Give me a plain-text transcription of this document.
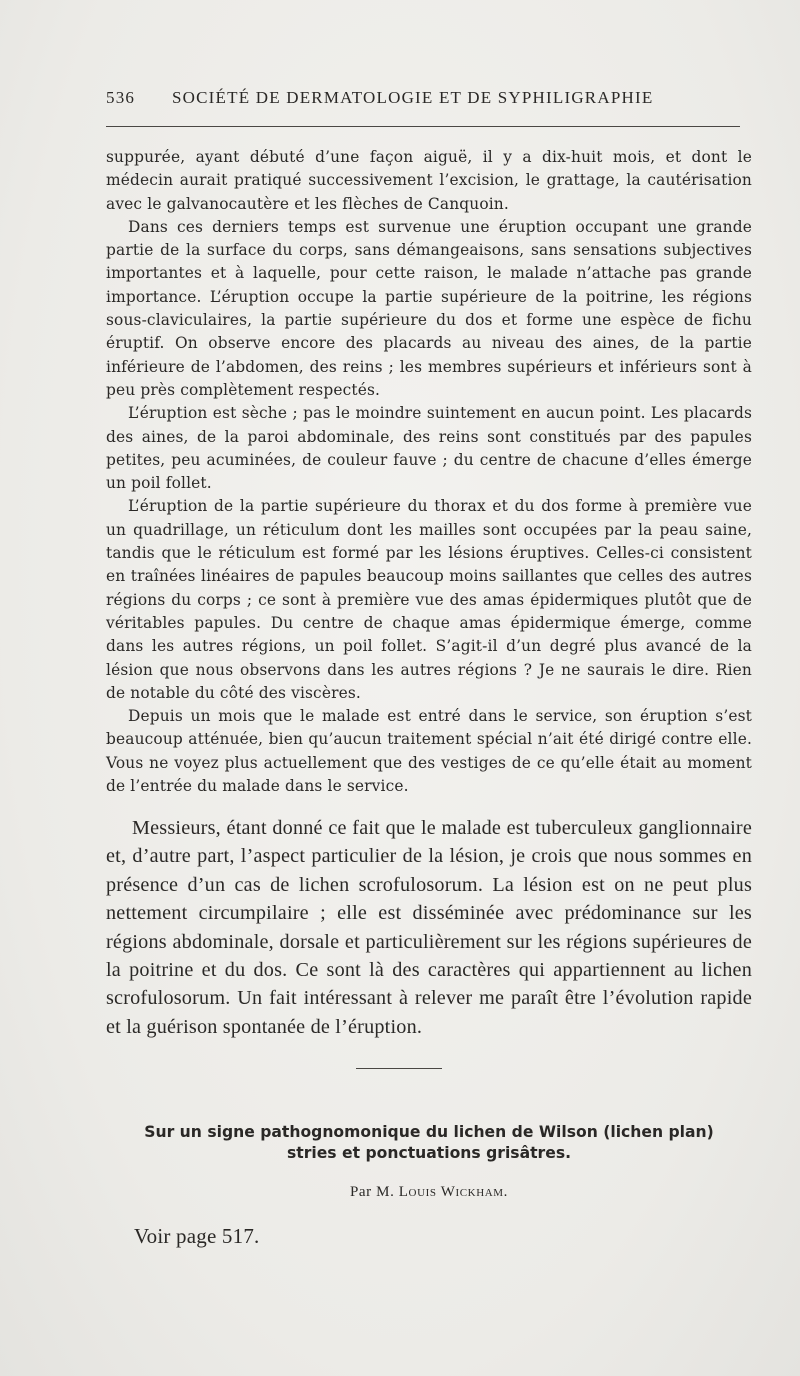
536 SOCIÉTÉ DE DERMATOLOGIE ET DE SYPHILIGRAPHIE

suppurée, ayant débuté d’une façon aiguë, il y a dix-huit mois, et dont le médecin aurait pratiqué successivement l’excision, le grattage, la cautérisation avec le galvanocautère et les flèches de Canquoin.

Dans ces derniers temps est survenue une éruption occupant une grande partie de la surface du corps, sans démangeaisons, sans sensations subjectives importantes et à laquelle, pour cette raison, le malade n’attache pas grande importance. L’éruption occupe la partie supérieure de la poitrine, les régions sous-claviculaires, la partie supérieure du dos et forme une espèce de fichu éruptif. On observe encore des placards au niveau des aines, de la partie inférieure de l’abdomen, des reins ; les membres supérieurs et inférieurs sont à peu près complètement respectés.

L’éruption est sèche ; pas le moindre suintement en aucun point. Les placards des aines, de la paroi abdominale, des reins sont constitués par des papules petites, peu acuminées, de couleur fauve ; du centre de chacune d’elles émerge un poil follet.

L’éruption de la partie supérieure du thorax et du dos forme à première vue un quadrillage, un réticulum dont les mailles sont occupées par la peau saine, tandis que le réticulum est formé par les lésions éruptives. Celles-ci consistent en traînées linéaires de papules beaucoup moins saillantes que celles des autres régions du corps ; ce sont à première vue des amas épidermiques plutôt que de véritables papules. Du centre de chaque amas épidermique émerge, comme dans les autres régions, un poil follet. S’agit-il d’un degré plus avancé de la lésion que nous observons dans les autres régions ? Je ne saurais le dire. Rien de notable du côté des viscères.

Depuis un mois que le malade est entré dans le service, son éruption s’est beaucoup atténuée, bien qu’aucun traitement spécial n’ait été dirigé contre elle. Vous ne voyez plus actuellement que des vestiges de ce qu’elle était au moment de l’entrée du malade dans le service.

Messieurs, étant donné ce fait que le malade est tuberculeux ganglionnaire et, d’autre part, l’aspect particulier de la lésion, je crois que nous sommes en présence d’un cas de lichen scrofulosorum. La lésion est on ne peut plus nettement circumpilaire ; elle est disséminée avec prédominance sur les régions abdominale, dorsale et particulièrement sur les régions supérieures de la poitrine et du dos. Ce sont là des caractères qui appartiennent au lichen scrofulosorum. Un fait intéressant à relever me paraît être l’évolution rapide et la guérison spontanée de l’éruption.

Sur un signe pathognomonique du lichen de Wilson (lichen plan)
stries et ponctuations grisâtres.
Par M. Louis Wickham.
Voir page 517.
